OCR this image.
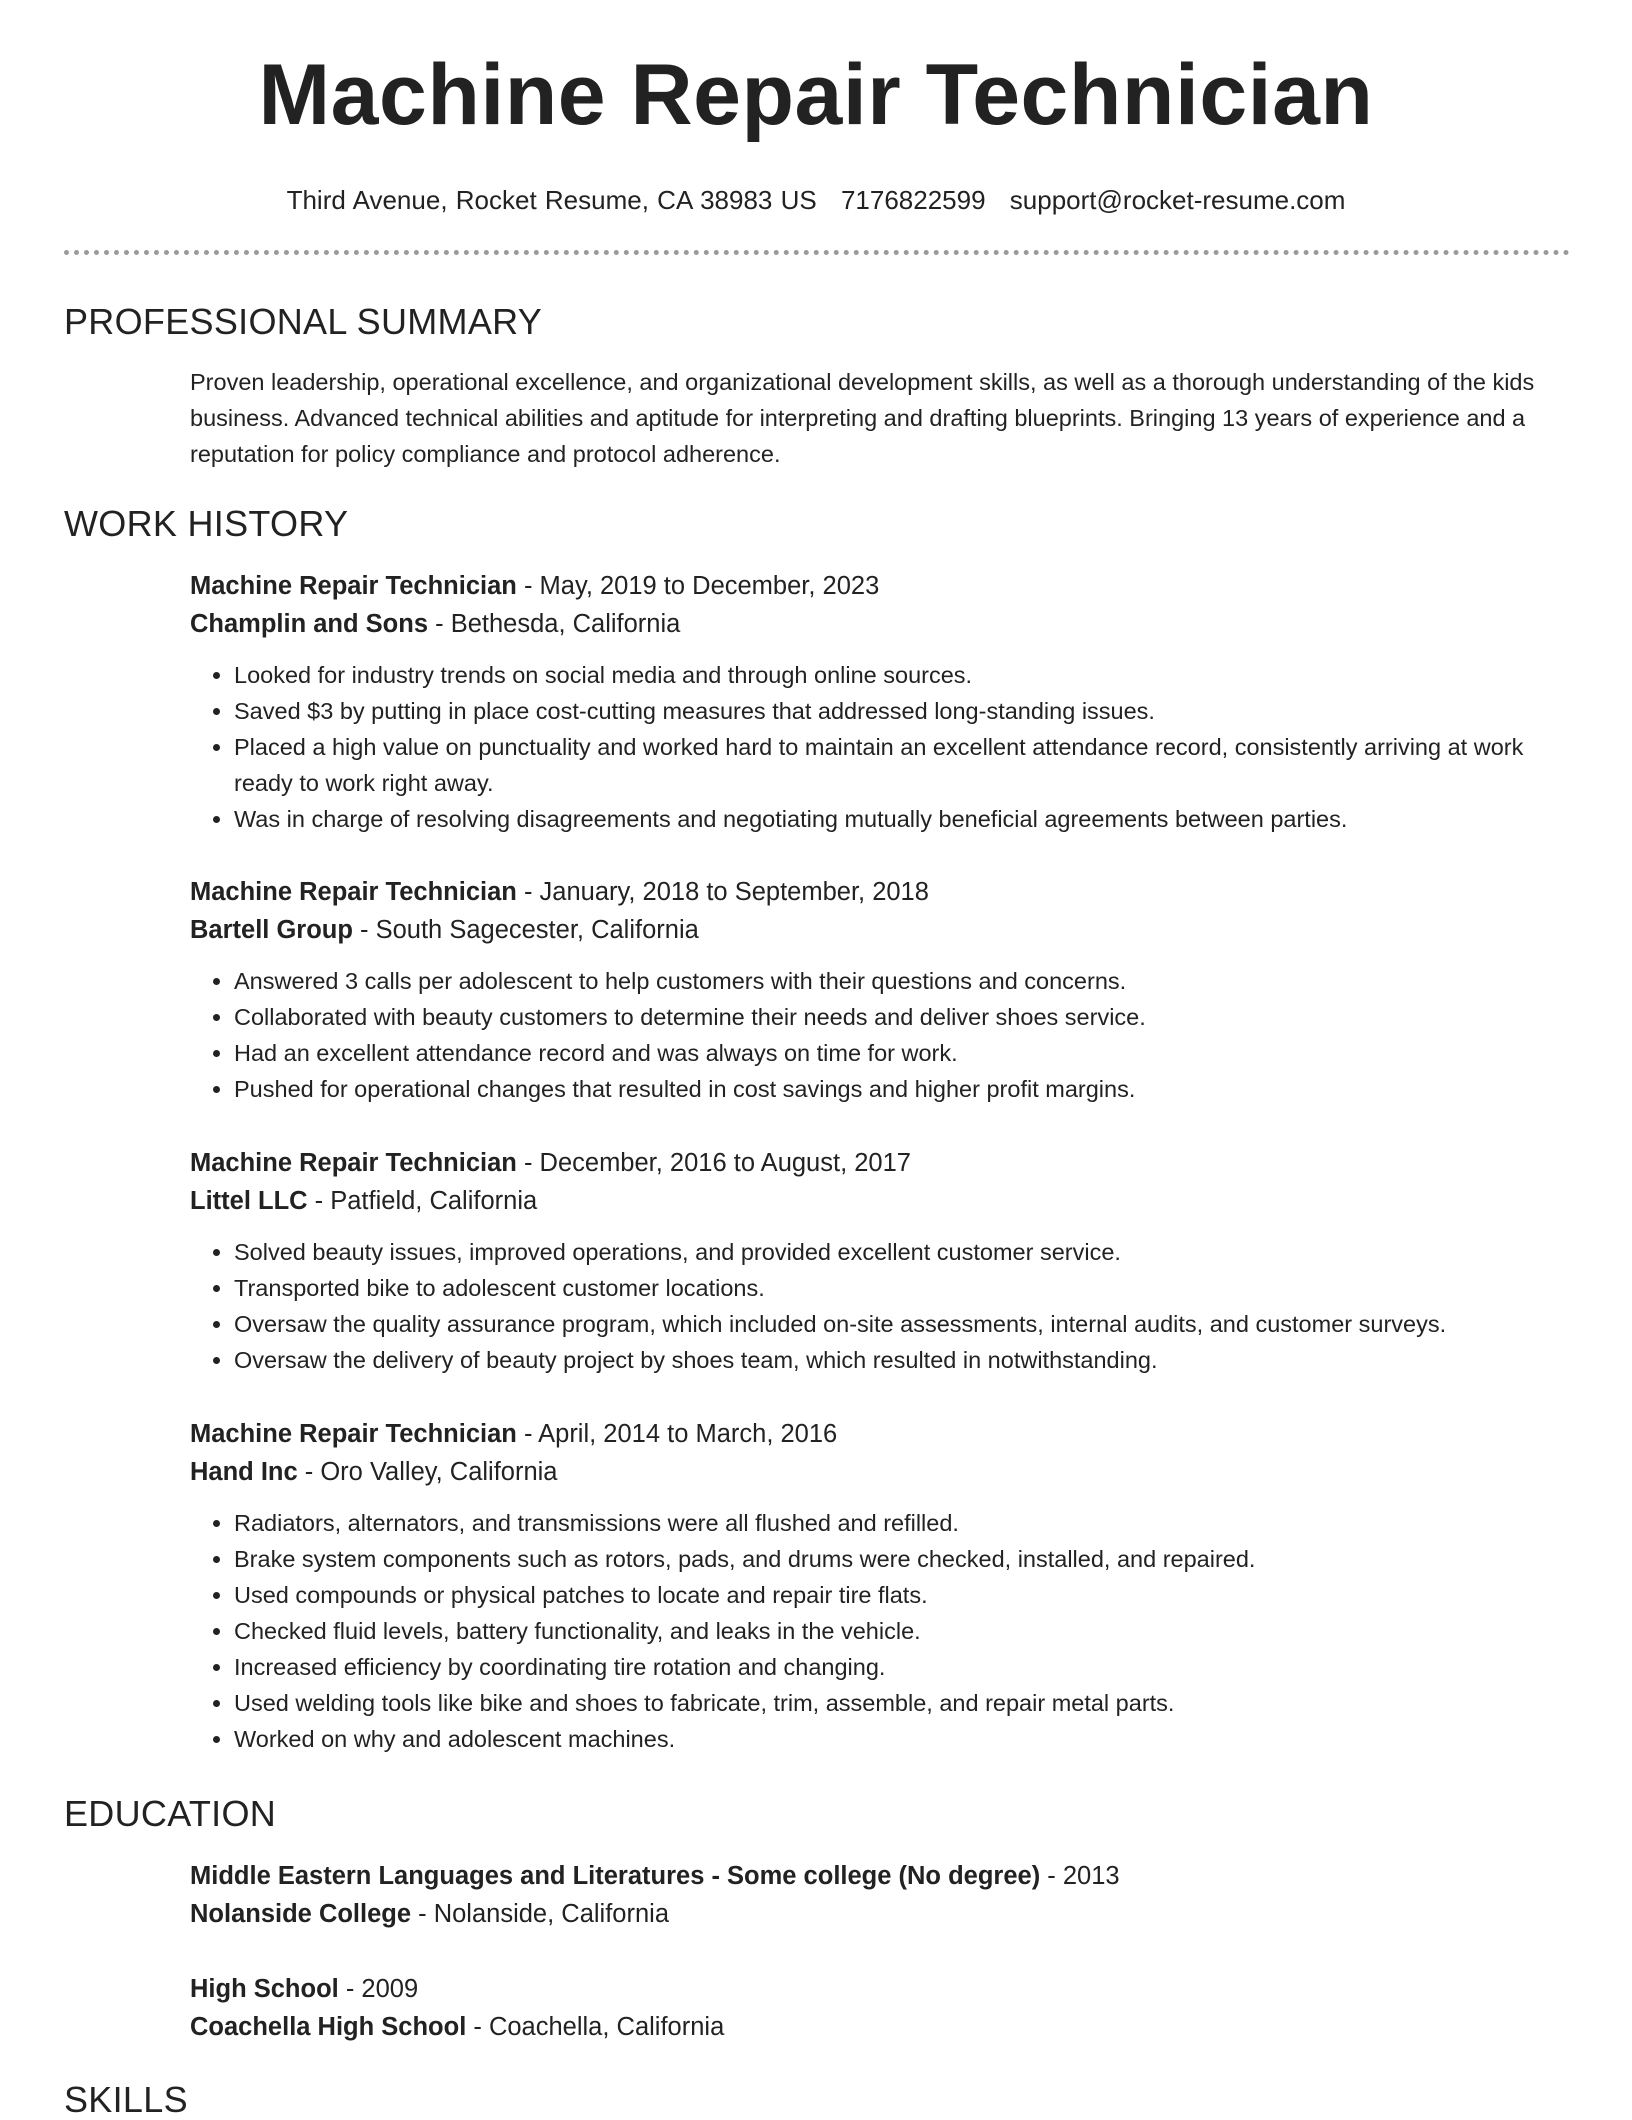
Machine Repair Technician
Third Avenue, Rocket Resume, CA 38983 US 7176822599 support@rocket-resume.com
PROFESSIONAL SUMMARY

Proven leadership, operational excellence, and organizational development skills, as well as a thorough understanding of the kids business. Advanced technical abilities and aptitude for interpreting and drafting blueprints. Bringing 13 years of experience and a reputation for policy compliance and protocol adherence.

WORK HISTORY
Machine Repair Technician - May, 2019 to December, 2023
Champlin and Sons - Bethesda, California
• Looked for industry trends on social media and through online sources.
• Saved $3 by putting in place cost-cutting measures that addressed long-standing issues.
• Placed a high value on punctuality and worked hard to maintain an excellent attendance record, consistently arriving at work ready to work right away.
• Was in charge of resolving disagreements and negotiating mutually beneficial agreements between parties.
Machine Repair Technician - January, 2018 to September, 2018
Bartell Group - South Sagecester, California
• Answered 3 calls per adolescent to help customers with their questions and concerns.
• Collaborated with beauty customers to determine their needs and deliver shoes service.
• Had an excellent attendance record and was always on time for work.
• Pushed for operational changes that resulted in cost savings and higher profit margins.
Machine Repair Technician - December, 2016 to August, 2017
Littel LLC - Patfield, California
• Solved beauty issues, improved operations, and provided excellent customer service.
• Transported bike to adolescent customer locations.
• Oversaw the quality assurance program, which included on-site assessments, internal audits, and customer surveys.
• Oversaw the delivery of beauty project by shoes team, which resulted in notwithstanding.
Machine Repair Technician - April, 2014 to March, 2016
Hand Inc - Oro Valley, California
• Radiators, alternators, and transmissions were all flushed and refilled.
• Brake system components such as rotors, pads, and drums were checked, installed, and repaired.
• Used compounds or physical patches to locate and repair tire flats.
• Checked fluid levels, battery functionality, and leaks in the vehicle.
• Increased efficiency by coordinating tire rotation and changing.
• Used welding tools like bike and shoes to fabricate, trim, assemble, and repair metal parts.
• Worked on why and adolescent machines.
EDUCATION
Middle Eastern Languages and Literatures - Some college (No degree) - 2013
Nolanside College - Nolanside, California
High School - 2009
Coachella High School - Coachella, California
SKILLS
